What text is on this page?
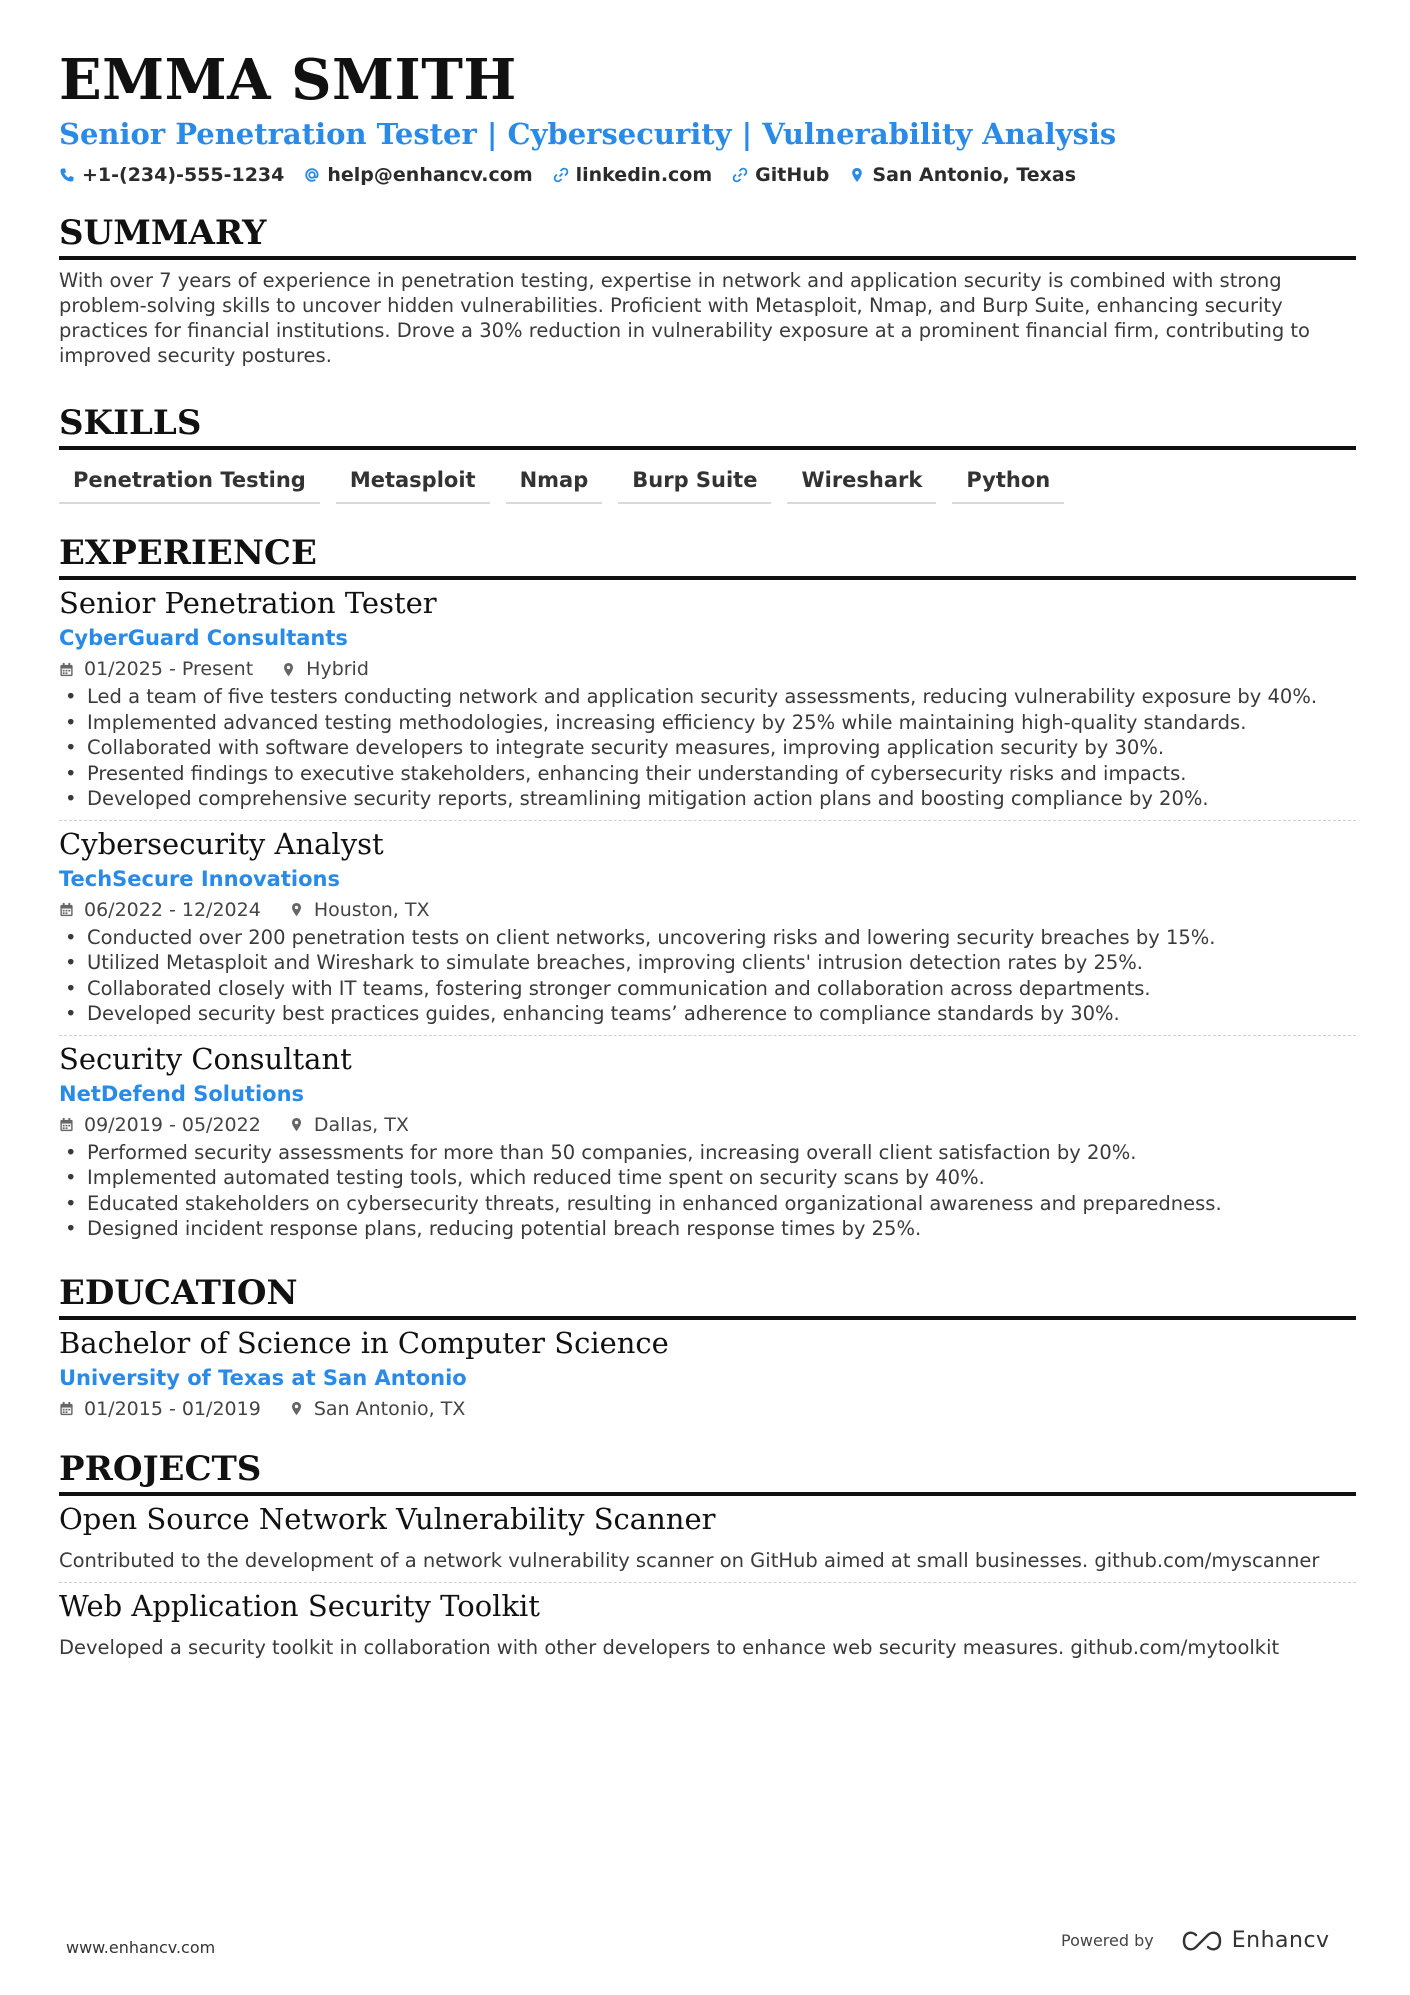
EMMA SMITH
Senior Penetration Tester | Cybersecurity | Vulnerability Analysis
+1-(234)-555-1234 help@enhancv.com linkedin.com GitHub San Antonio, Texas
SUMMARY
With over 7 years of experience in penetration testing, expertise in network and application security is combined with strong problem-solving skills to uncover hidden vulnerabilities. Proficient with Metasploit, Nmap, and Burp Suite, enhancing security practices for financial institutions. Drove a 30% reduction in vulnerability exposure at a prominent financial firm, contributing to improved security postures.
SKILLS
Penetration Testing	Metasploit	Nmap	Burp Suite	Wireshark	Python
EXPERIENCE
Senior Penetration Tester
CyberGuard Consultants
01/2025 - Present	Hybrid
• Led a team of five testers conducting network and application security assessments, reducing vulnerability exposure by 40%.
• Implemented advanced testing methodologies, increasing efficiency by 25% while maintaining high-quality standards.
• Collaborated with software developers to integrate security measures, improving application security by 30%.
• Presented findings to executive stakeholders, enhancing their understanding of cybersecurity risks and impacts.
• Developed comprehensive security reports, streamlining mitigation action plans and boosting compliance by 20%.
Cybersecurity Analyst
TechSecure Innovations
06/2022 - 12/2024	Houston, TX
• Conducted over 200 penetration tests on client networks, uncovering risks and lowering security breaches by 15%.
• Utilized Metasploit and Wireshark to simulate breaches, improving clients' intrusion detection rates by 25%.
• Collaborated closely with IT teams, fostering stronger communication and collaboration across departments.
• Developed security best practices guides, enhancing teams’ adherence to compliance standards by 30%.
Security Consultant
NetDefend Solutions
09/2019 - 05/2022	Dallas, TX
• Performed security assessments for more than 50 companies, increasing overall client satisfaction by 20%.
• Implemented automated testing tools, which reduced time spent on security scans by 40%.
• Educated stakeholders on cybersecurity threats, resulting in enhanced organizational awareness and preparedness.
• Designed incident response plans, reducing potential breach response times by 25%.
EDUCATION
Bachelor of Science in Computer Science
University of Texas at San Antonio
01/2015 - 01/2019	San Antonio, TX
PROJECTS
Open Source Network Vulnerability Scanner
Contributed to the development of a network vulnerability scanner on GitHub aimed at small businesses. github.com/myscanner
Web Application Security Toolkit
Developed a security toolkit in collaboration with other developers to enhance web security measures. github.com/mytoolkit
www.enhancv.com	Powered by	Enhancv
